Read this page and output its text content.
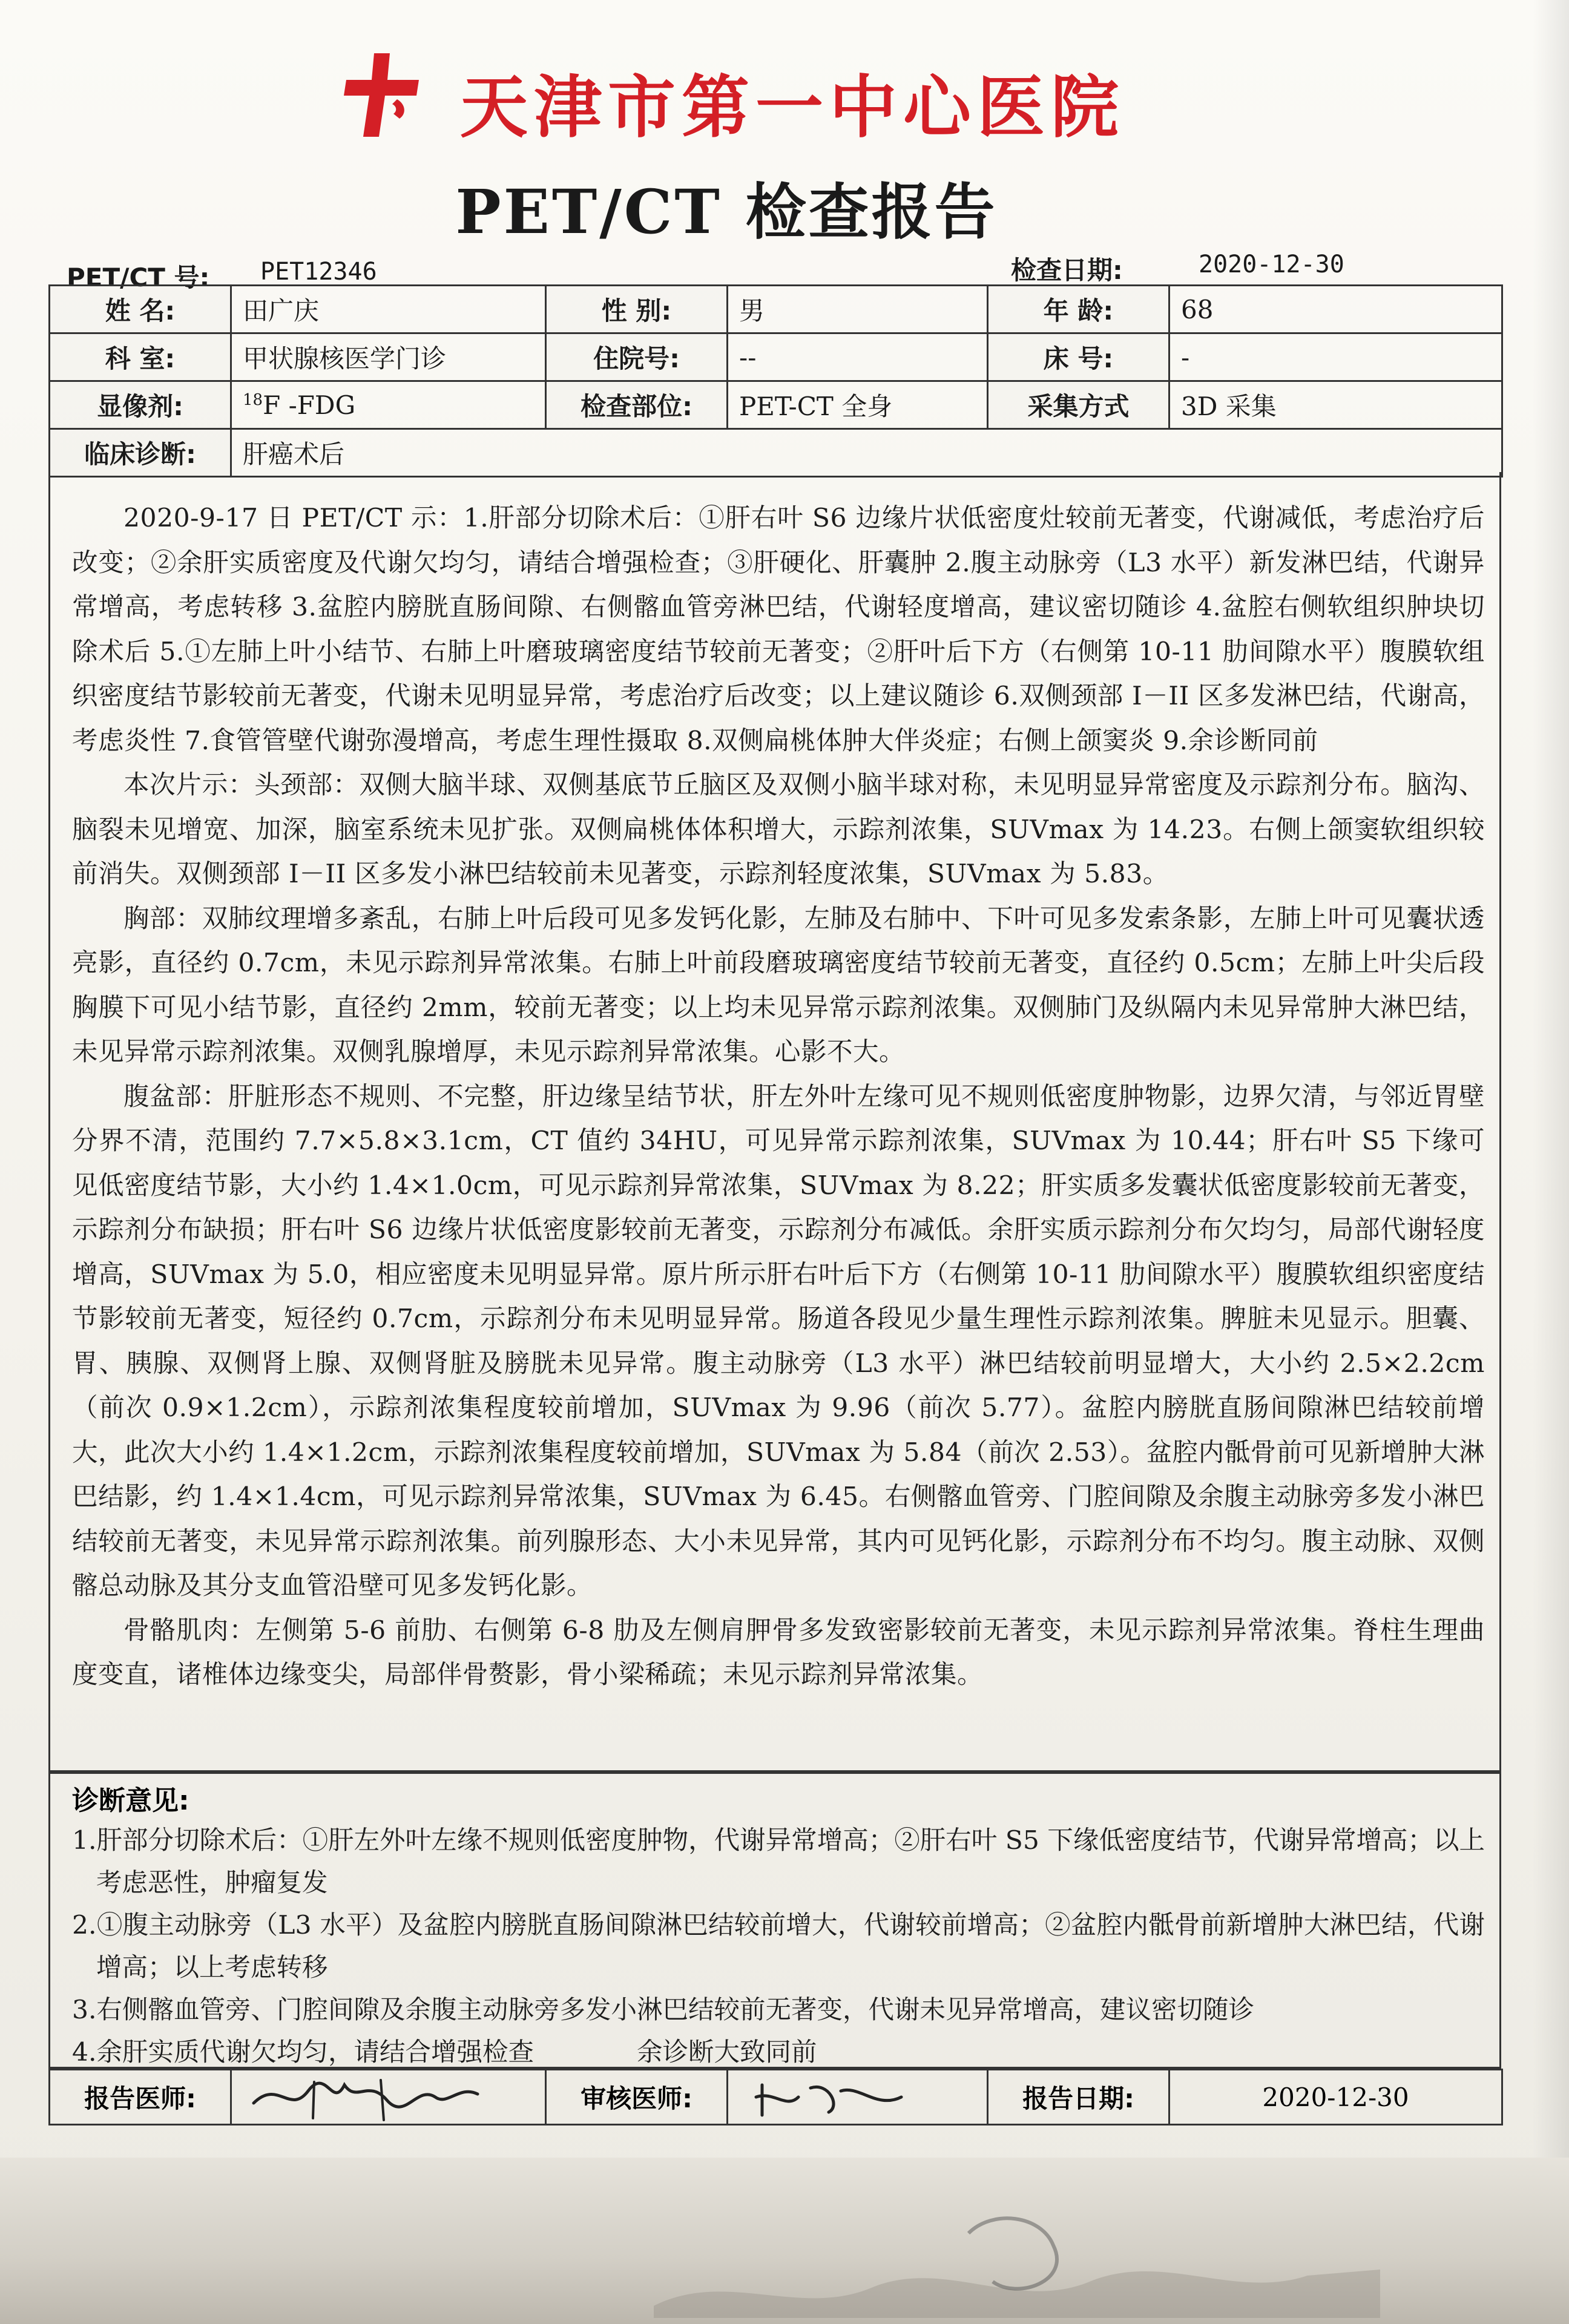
天津市第一中心医院
PET/CT 检查报告
PET/CT 号: PET12346	检查日期:	2020-12-30
姓 名:	田广庆	性 别:	男	年 龄:	68
科 室:	甲状腺核医学门诊	住院号:	--	床 号:	-
显像剂:	$^{18}$F -FDG	检查部位:	PET-CT 全身	采集方式	3D 采集
临床诊断:	肝癌术后				

2020-9-17 日 PET/CT 示：1.肝部分切除术后：①肝右叶 S6 边缘片状低密度灶较前无著变，代谢减低，考虑治疗后改变；②余肝实质密度及代谢欠均匀，请结合增强检查；③肝硬化、肝囊肿 2.腹主动脉旁（L3 水平）新发淋巴结，代谢异常增高，考虑转移 3.盆腔内膀胱直肠间隙、右侧髂血管旁淋巴结，代谢轻度增高，建议密切随诊 4.盆腔右侧软组织肿块切除术后 5.①左肺上叶小结节、右肺上叶磨玻璃密度结节较前无著变；②肝叶后下方（右侧第 10-11 肋间隙水平）腹膜软组织密度结节影较前无著变，代谢未见明显异常，考虑治疗后改变；以上建议随诊 6.双侧颈部 I－II 区多发淋巴结，代谢高，考虑炎性 7.食管管壁代谢弥漫增高，考虑生理性摄取 8.双侧扁桃体肿大伴炎症；右侧上颌窦炎 9.余诊断同前

本次片示：头颈部：双侧大脑半球、双侧基底节丘脑区及双侧小脑半球对称，未见明显异常密度及示踪剂分布。脑沟、脑裂未见增宽、加深，脑室系统未见扩张。双侧扁桃体体积增大，示踪剂浓集，SUVmax 为 14.23。右侧上颌窦软组织较前消失。双侧颈部 I－II 区多发小淋巴结较前未见著变，示踪剂轻度浓集，SUVmax 为 5.83。

胸部：双肺纹理增多紊乱，右肺上叶后段可见多发钙化影，左肺及右肺中、下叶可见多发索条影，左肺上叶可见囊状透亮影，直径约 0.7cm，未见示踪剂异常浓集。右肺上叶前段磨玻璃密度结节较前无著变，直径约 0.5cm；左肺上叶尖后段胸膜下可见小结节影，直径约 2mm，较前无著变；以上均未见异常示踪剂浓集。双侧肺门及纵隔内未见异常肿大淋巴结，未见异常示踪剂浓集。双侧乳腺增厚，未见示踪剂异常浓集。心影不大。

腹盆部：肝脏形态不规则、不完整，肝边缘呈结节状，肝左外叶左缘可见不规则低密度肿物影，边界欠清，与邻近胃壁分界不清，范围约 7.7×5.8×3.1cm，CT 值约 34HU，可见异常示踪剂浓集，SUVmax 为 10.44；肝右叶 S5 下缘可见低密度结节影，大小约 1.4×1.0cm，可见示踪剂异常浓集，SUVmax 为 8.22；肝实质多发囊状低密度影较前无著变，示踪剂分布缺损；肝右叶 S6 边缘片状低密度影较前无著变，示踪剂分布减低。余肝实质示踪剂分布欠均匀，局部代谢轻度增高，SUVmax 为 5.0，相应密度未见明显异常。原片所示肝右叶后下方（右侧第 10-11 肋间隙水平）腹膜软组织密度结节影较前无著变，短径约 0.7cm，示踪剂分布未见明显异常。肠道各段见少量生理性示踪剂浓集。脾脏未见显示。胆囊、胃、胰腺、双侧肾上腺、双侧肾脏及膀胱未见异常。腹主动脉旁（L3 水平）淋巴结较前明显增大，大小约 2.5×2.2cm（前次 0.9×1.2cm），示踪剂浓集程度较前增加，SUVmax 为 9.96（前次 5.77）。盆腔内膀胱直肠间隙淋巴结较前增大，此次大小约 1.4×1.2cm，示踪剂浓集程度较前增加，SUVmax 为 5.84（前次 2.53）。盆腔内骶骨前可见新增肿大淋巴结影，约 1.4×1.4cm，可见示踪剂异常浓集，SUVmax 为 6.45。右侧髂血管旁、门腔间隙及余腹主动脉旁多发小淋巴结较前无著变，未见异常示踪剂浓集。前列腺形态、大小未见异常，其内可见钙化影，示踪剂分布不均匀。腹主动脉、双侧髂总动脉及其分支血管沿壁可见多发钙化影。

骨骼肌肉：左侧第 5-6 前肋、右侧第 6-8 肋及左侧肩胛骨多发致密影较前无著变，未见示踪剂异常浓集。脊柱生理曲度变直，诸椎体边缘变尖，局部伴骨赘影，骨小梁稀疏；未见示踪剂异常浓集。

诊断意见:
1.肝部分切除术后：①肝左外叶左缘不规则低密度肿物，代谢异常增高；②肝右叶 S5 下缘低密度结节，代谢异常增高；以上考虑恶性，肿瘤复发
2.①腹主动脉旁（L3 水平）及盆腔内膀胱直肠间隙淋巴结较前增大，代谢较前增高；②盆腔内骶骨前新增肿大淋巴结，代谢增高；以上考虑转移
3.右侧髂血管旁、门腔间隙及余腹主动脉旁多发小淋巴结较前无著变，代谢未见异常增高，建议密切随诊
4.余肝实质代谢欠均匀，请结合增强检查　　　　余诊断大致同前
报告医师:		审核医师:		报告日期:	2020-12-30
